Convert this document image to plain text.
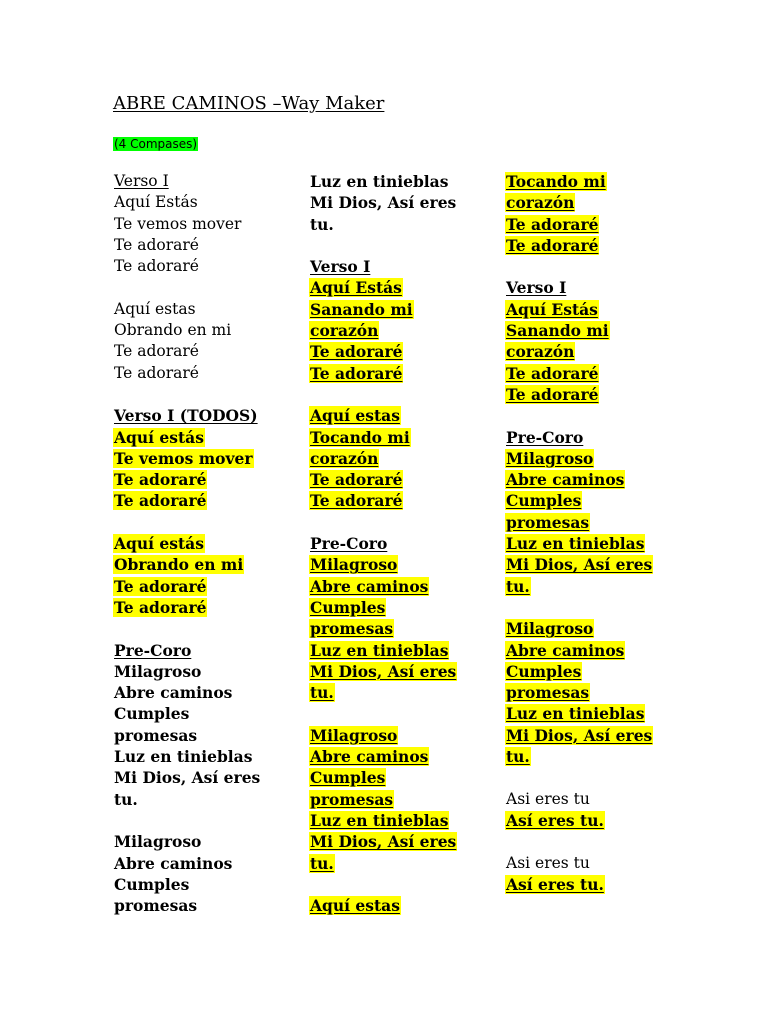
ABRE CAMINOS –Way Maker
(4 Compases)
Verso I
Aquí Estás
Te vemos mover
Te adoraré
Te adoraré
Aquí estas
Obrando en mi
Te adoraré
Te adoraré
Verso I (TODOS)
Aquí estás
Te vemos mover
Te adoraré
Te adoraré
Aquí estás
Obrando en mi
Te adoraré
Te adoraré
Pre-Coro
Milagroso
Abre caminos
Cumples
promesas
Luz en tinieblas
Mi Dios, Así eres
tu.
Milagroso
Abre caminos
Cumples
promesas
Luz en tinieblas
Mi Dios, Así eres
tu.
Verso I
Aquí Estás
Sanando mi
corazón
Te adoraré
Te adoraré
Aquí estas
Tocando mi
corazón
Te adoraré
Te adoraré
Pre-Coro
Milagroso
Abre caminos
Cumples
promesas
Luz en tinieblas
Mi Dios, Así eres
tu.
Milagroso
Abre caminos
Cumples
promesas
Luz en tinieblas
Mi Dios, Así eres
tu.
Aquí estas
Tocando mi
corazón
Te adoraré
Te adoraré
Verso I
Aquí Estás
Sanando mi
corazón
Te adoraré
Te adoraré
Pre-Coro
Milagroso
Abre caminos
Cumples
promesas
Luz en tinieblas
Mi Dios, Así eres
tu.
Milagroso
Abre caminos
Cumples
promesas
Luz en tinieblas
Mi Dios, Así eres
tu.
Asi eres tu
Así eres tu.
Asi eres tu
Así eres tu.
